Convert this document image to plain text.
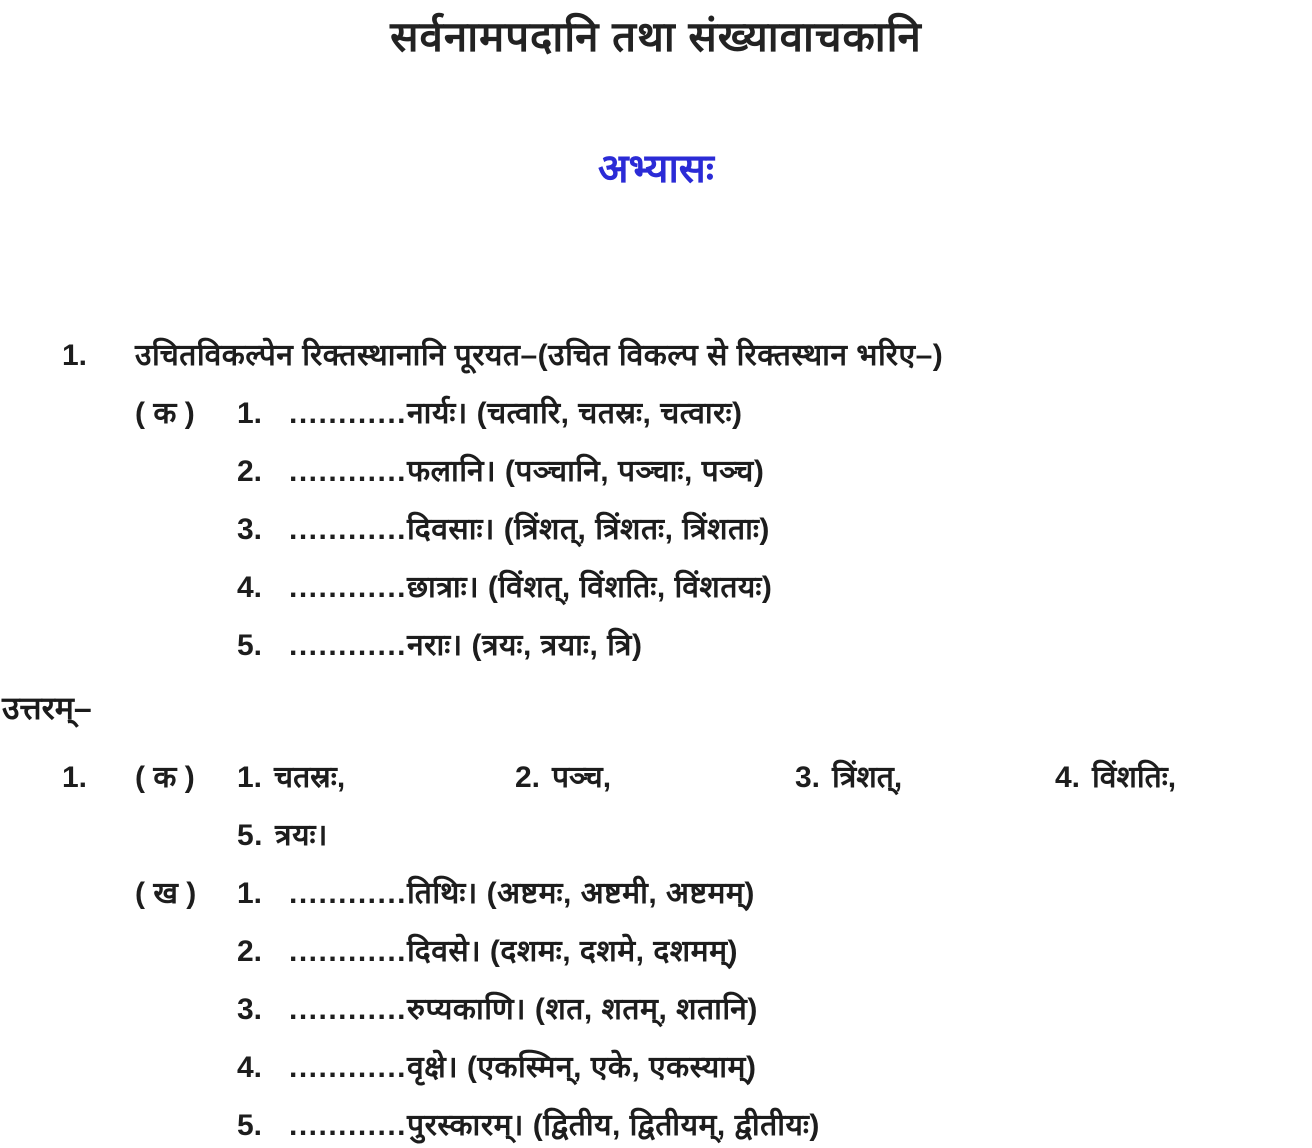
सर्वनामपदानि तथा संख्यावाचकानि
अभ्यासः
1.	उचितविकल्पेन रिक्तस्थानानि पूरयत–(उचित विकल्प से रिक्तस्थान भरिए–)
( क )	1. ............ नार्यः। (चत्वारि, चतस्रः, चत्वारः)
2. ............ फलानि। (पञ्चानि, पञ्चाः, पञ्च)
3. ............ दिवसाः। (त्रिंशत्, त्रिंशतः, त्रिंशताः)
4. ............ छात्राः। (विंशत्, विंशतिः, विंशतयः)
5. ............ नराः। (त्रयः, त्रयाः, त्रि)
उत्तरम्–
1.	( क )	1. चतस्रः,	2. पञ्च,	3. त्रिंशत्,	4. विंशतिः,
5. त्रयः।
( ख )	1. ............ तिथिः। (अष्टमः, अष्टमी, अष्टमम्)
2. ............ दिवसे। (दशमः, दशमे, दशमम्)
3. ............ रुप्यकाणि। (शत, शतम्, शतानि)
4. ............ वृक्षे। (एकस्मिन्, एके, एकस्याम्)
5. ............ पुरस्कारम्। (द्वितीय, द्वितीयम्, द्वीतीयः)
